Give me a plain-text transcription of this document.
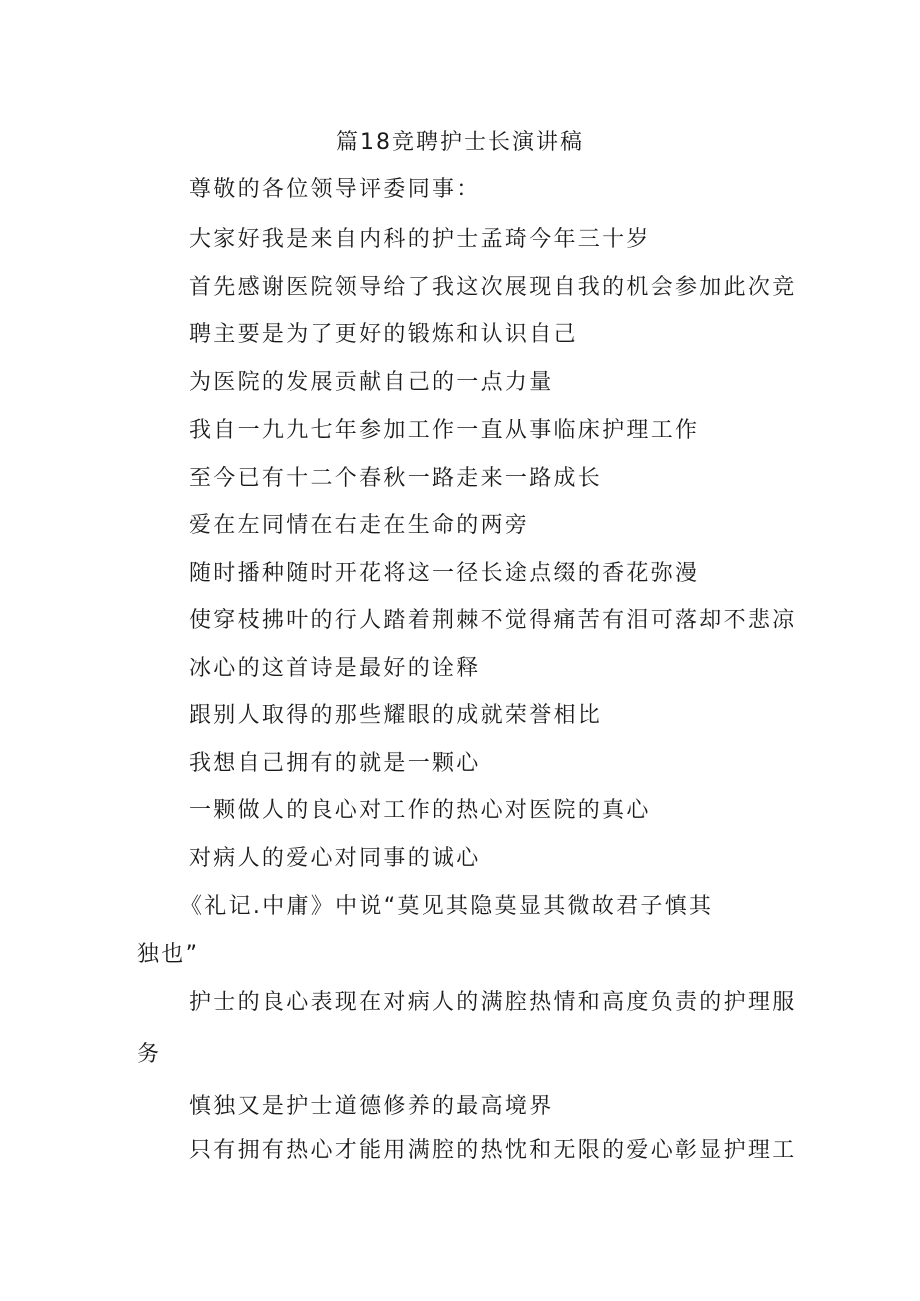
篇18竞聘护士长演讲稿
尊敬的各位领导评委同事：
大家好我是来自内科的护士孟琦今年三十岁
首先感谢医院领导给了我这次展现自我的机会参加此次竞
聘主要是为了更好的锻炼和认识自己
为医院的发展贡献自己的一点力量
我自一九九七年参加工作一直从事临床护理工作
至今已有十二个春秋一路走来一路成长
爱在左同情在右走在生命的两旁
随时播种随时开花将这一径长途点缀的香花弥漫
使穿枝拂叶的行人踏着荆棘不觉得痛苦有泪可落却不悲凉
冰心的这首诗是最好的诠释
跟别人取得的那些耀眼的成就荣誉相比
我想自己拥有的就是一颗心
一颗做人的良心对工作的热心对医院的真心
对病人的爱心对同事的诚心
《礼记.中庸》中说“莫见其隐莫显其微故君子慎其
独也”
护士的良心表现在对病人的满腔热情和高度负责的护理服
务
慎独又是护士道德修养的最高境界
只有拥有热心才能用满腔的热忱和无限的爱心彰显护理工
